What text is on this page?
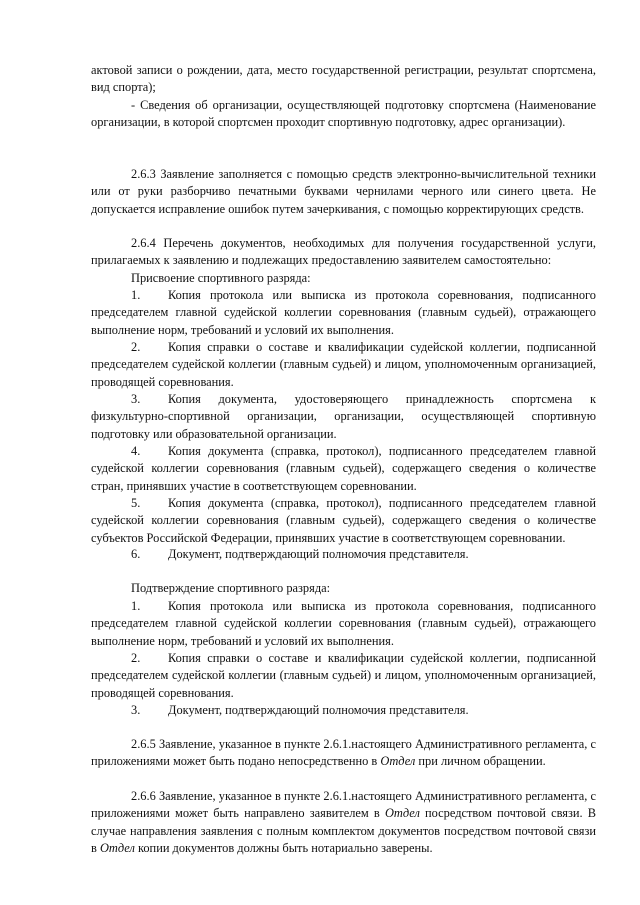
актовой записи о рождении, дата, место государственной регистрации, результат спортсмена, вид спорта);

- Сведения об организации, осуществляющей подготовку спортсмена (Наименование организации, в которой спортсмен проходит спортивную подготовку, адрес организации).

2.6.3 Заявление заполняется с помощью средств электронно-вычислительной техники или от руки разборчиво печатными буквами чернилами черного или синего цвета. Не допускается исправление ошибок путем зачеркивания, с помощью корректирующих средств.

2.6.4 Перечень документов, необходимых для получения государственной услуги, прилагаемых к заявлению и подлежащих предоставлению заявителем самостоятельно:

Присвоение спортивного разряда:

1.	Копия протокола или выписка из протокола соревнования, подписанного председателем главной судейской коллегии соревнования (главным судьей), отражающего выполнение норм, требований и условий их выполнения.

2.	Копия справки о составе и квалификации судейской коллегии, подписанной председателем судейской коллегии (главным судьей) и лицом, уполномоченным организацией, проводящей соревнования.

3.	Копия документа, удостоверяющего принадлежность спортсмена к физкультурно-спортивной организации, организации, осуществляющей спортивную подготовку или образовательной организации.

4.	Копия документа (справка, протокол), подписанного председателем главной судейской коллегии соревнования (главным судьей), содержащего сведения о количестве стран, принявших участие в соответствующем соревновании.

5.	Копия документа (справка, протокол), подписанного председателем главной судейской коллегии соревнования (главным судьей), содержащего сведения о количестве субъектов Российской Федерации, принявших участие в соответствующем соревновании.

6.	Документ, подтверждающий полномочия представителя.

Подтверждение спортивного разряда:

1.	Копия протокола или выписка из протокола соревнования, подписанного председателем главной судейской коллегии соревнования (главным судьей), отражающего выполнение норм, требований и условий их выполнения.

2.	Копия справки о составе и квалификации судейской коллегии, подписанной председателем судейской коллегии (главным судьей) и лицом, уполномоченным организацией, проводящей соревнования.

3.	Документ, подтверждающий полномочия представителя.

2.6.5 Заявление, указанное в пункте 2.6.1.настоящего Административного регламента, с приложениями может быть подано непосредственно в Отдел при личном обращении.

2.6.6 Заявление, указанное в пункте 2.6.1.настоящего Административного регламента, с приложениями может быть направлено заявителем в Отдел посредством почтовой связи. В случае направления заявления с полным комплектом документов посредством почтовой связи в Отдел копии документов должны быть нотариально заверены.
